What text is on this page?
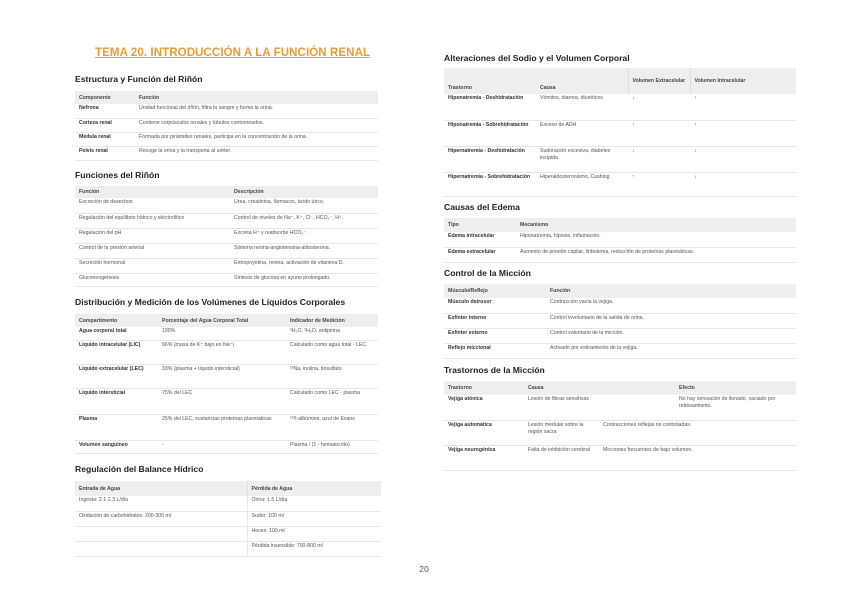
TEMA 20. INTRODUCCIÓN A LA FUNCIÓN RENAL
Estructura y Función del Riñón
Componente	Función
Nefrona	Unidad funcional del riñón, filtra la sangre y forma la orina.
Corteza renal	Contiene corpúsculos renales y túbulos contorneados.
Médula renal	Formada por pirámides renales, participa en la concentración de la orina.
Pelvis renal	Recoge la orina y la transporta al uréter.
Funciones del Riñón
Función	Descripción
Excreción de desechos	Urea, creatinina, fármacos, ácido úrico.
Regulación del equilibrio hídrico y electrolítico	Control de niveles de Na⁺, K⁺, Cl⁻, HCO₃⁻, H⁺.
Regulación del pH	Excreta H⁺ y reabsorbe HCO₃⁻.
Control de la presión arterial	Sistema renina-angiotensina-aldosterona.
Secreción hormonal	Eritropoyetina, renina, activación de vitamina D.
Gluconeogénesis	Síntesis de glucosa en ayuno prolongado.
Distribución y Medición de los Volúmenes de Líquidos Corporales
Compartimento	Porcentaje del Agua Corporal Total	Indicador de Medición
Agua corporal total	100%	³H₂O, ²H₂O, antipirina
Líquido intracelular (LIC)	66% (masa de K⁺ bajo en Na⁺)	Calculado como agua total - LEC
Líquido extracelular (LEC)	33% (plasma + líquido intersticial)	²²Na, inulina, tiosulfato
Líquido intersticial	75% del LEC	Calculado como LEC - plasma
Plasma	25% del LEC, sustancias proteínas plasmáticas	¹³¹I-albúmina, azul de Evans
Volumen sanguíneo	-	Plasma / (1 - hematocrito)
Regulación del Balance Hídrico
Entrada de Agua	Pérdida de Agua
Ingesta: 2.1-2.3 L/día	Orina: 1.5 L/día
Oxidación de carbohidratos: 200-300 ml	Sudor: 100 ml
	Heces: 100 ml
	Pérdida insensible: 700-800 ml
Alteraciones del Sodio y el Volumen Corporal
Trastorno	Causa	Volumen Extracelular	Volumen Intracelular
Hiponatremia - Deshidratación	Vómitos, diarrea, diuréticos	↓	↑
Hiponatremia - Sobrehidratación	Exceso de ADH	↑	↑
Hipernatremia - Deshidratación	Sudoración excesiva, diabetes insípida	↓	↓
Hipernatremia - Sobrehidratación	Hiperaldosteronismo, Cushing	↑	↓
Causas del Edema
Tipo	Mecanismo
Edema intracelular	Hiponatremia, hipoxia, inflamación.
Edema extracelular	Aumento de presión capilar, linfedema, reducción de proteínas plasmáticas.
Control de la Micción
Músculo/Reflejo	Función
Músculo detrusor	Contracción vacía la vejiga.
Esfínter interno	Control involuntario de la salida de orina.
Esfínter externo	Control voluntario de la micción.
Reflejo miccional	Activado por estiramiento de la vejiga.
Trastornos de la Micción
Trastorno	Causa	Efecto
Vejiga atónica	Lesión de fibras sensitivas	No hay sensación de llenado, vaciado por rebosamiento.
Vejiga automática	Lesión medular sobre la región sacra	Contracciones reflejas no controladas.
Vejiga neurogénica	Falta de inhibición cerebral	Micciones frecuentes de bajo volumen.
20
